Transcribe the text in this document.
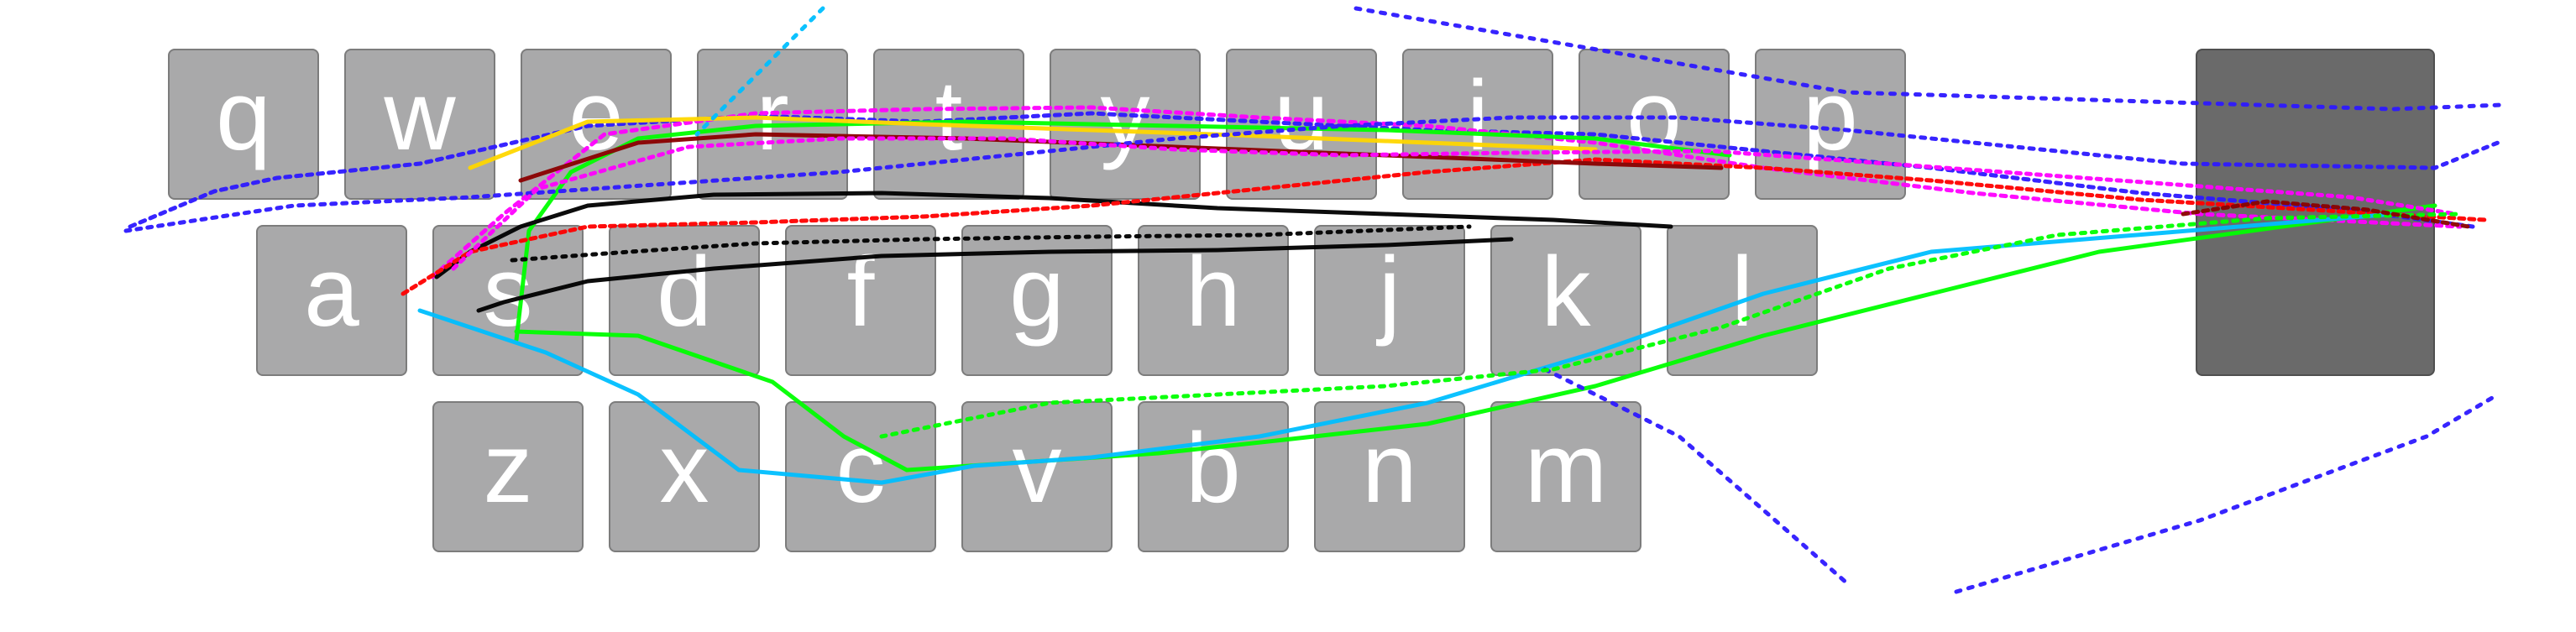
q	w	e	r	t	y	u	i	o	p
a	s	d	f	g	h	j	k	l
z	x	c	v	b	n	m
